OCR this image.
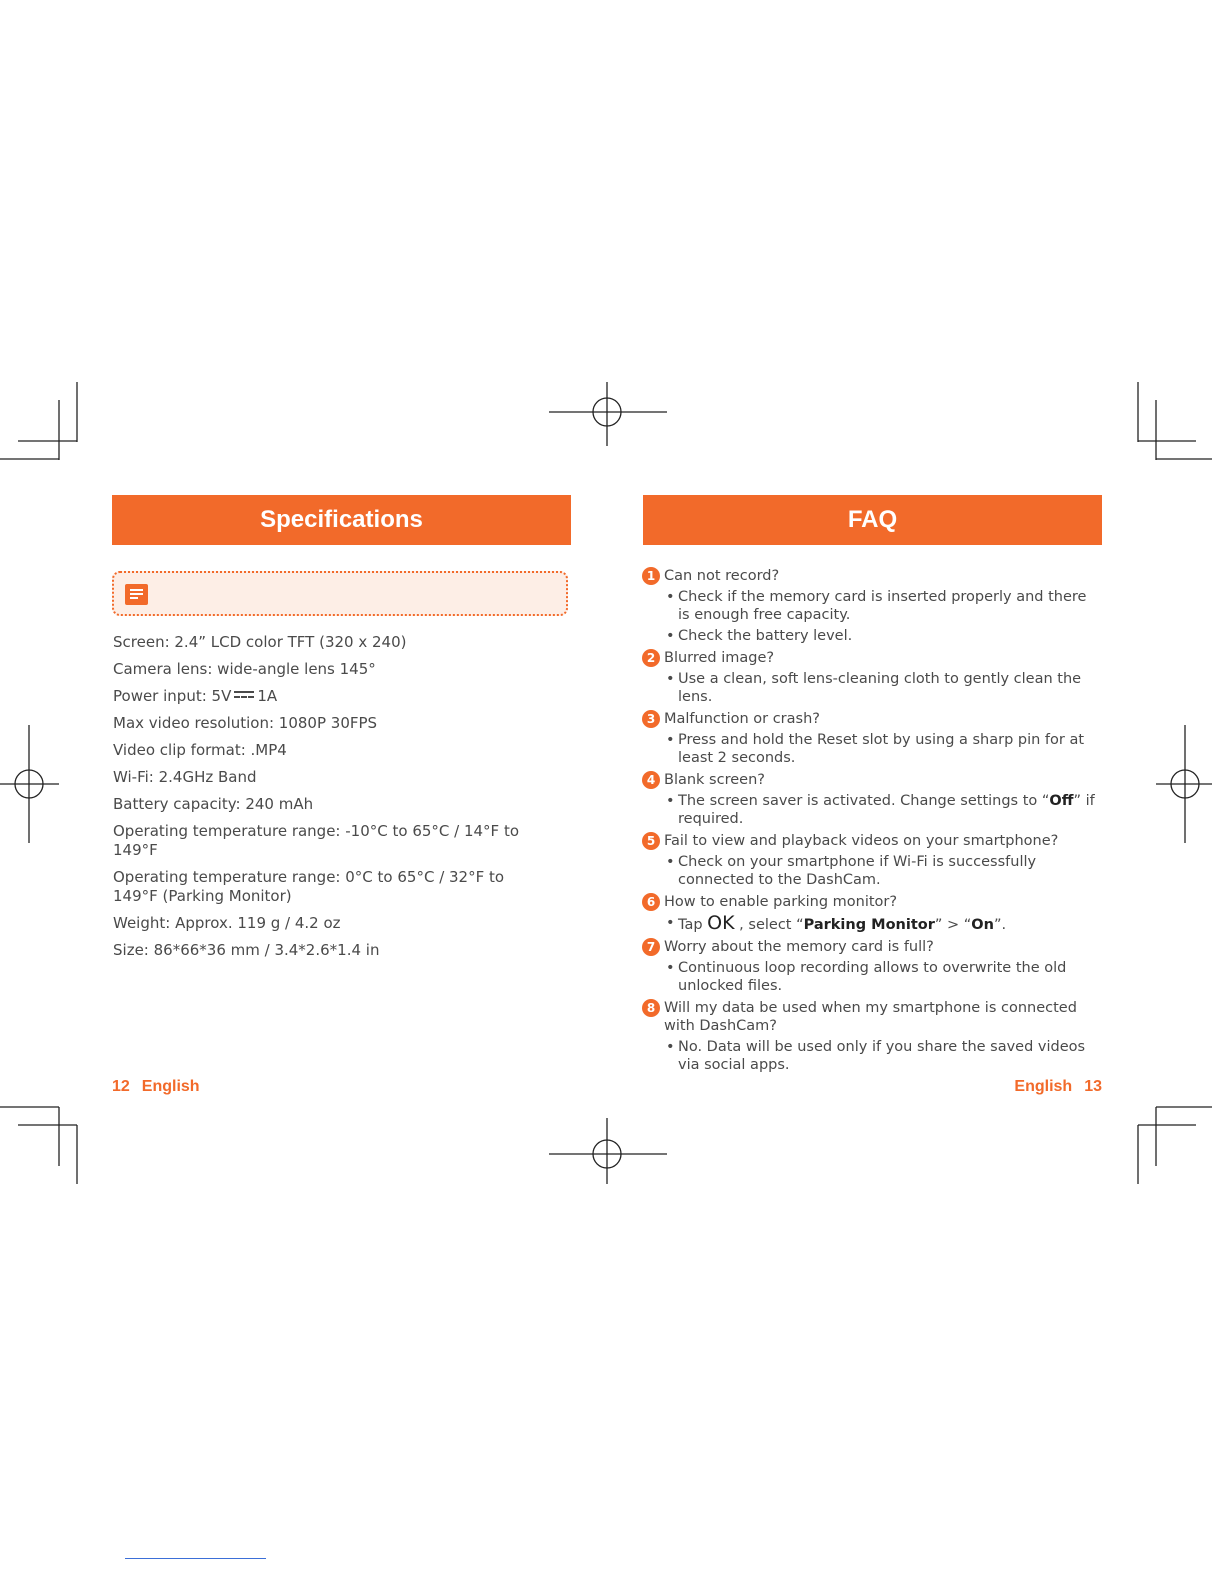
Specifications
Screen: 2.4” LCD color TFT (320 x 240)
Camera lens: wide-angle lens 145°
Power input: 5V 1A
Max video resolution: 1080P 30FPS
Video clip format: .MP4
Wi-Fi: 2.4GHz Band
Battery capacity: 240 mAh
Operating temperature range: -10°C to 65°C / 14°F to 149°F
Operating temperature range: 0°C to 65°C / 32°F to 149°F (Parking Monitor)
Weight: Approx. 119 g / 4.2 oz
Size: 86*66*36 mm / 3.4*2.6*1.4 in
12 English
FAQ
1 Can not record?
• Check if the memory card is inserted properly and there is enough free capacity.
• Check the battery level.
2 Blurred image?
• Use a clean, soft lens-cleaning cloth to gently clean the lens.
3 Malfunction or crash?
• Press and hold the Reset slot by using a sharp pin for at least 2 seconds.
4 Blank screen?
• The screen saver is activated. Change settings to “Off” if required.
5 Fail to view and playback videos on your smartphone?
• Check on your smartphone if Wi-Fi is successfully connected to the DashCam.
6 How to enable parking monitor?
• Tap OK , select “Parking Monitor” > “On”.
7 Worry about the memory card is full?
• Continuous loop recording allows to overwrite the old unlocked files.
8 Will my data be used when my smartphone is connected with DashCam?
• No. Data will be used only if you share the saved videos via social apps.
English 13
